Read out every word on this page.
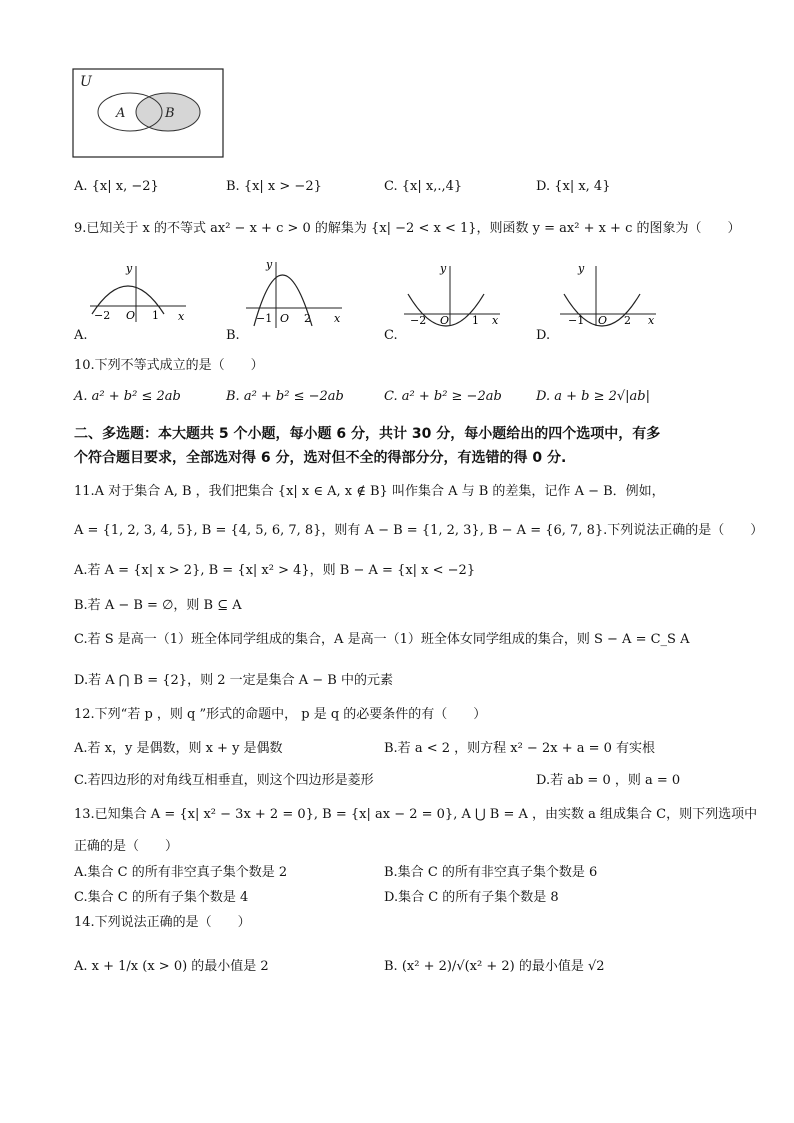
U
A	B
A. {x| x, −2}	B. {x| x > −2}	C. {x| x,.,4}	D. {x| x, 4}
9.已知关于 x 的不等式 ax² − x + c > 0 的解集为 {x| −2 < x < 1}，则函数 y = ax² + x + c 的图象为（　　）
y
x
O
−2	1
A.
y
x
O
−1	2
B.
y
x
O
−2	1
C.
y
x
O
−1	2
D.
10.下列不等式成立的是（　　）
A. a² + b² ≤ 2ab	B. a² + b² ≤ −2ab	C. a² + b² ≥ −2ab	D. a + b ≥ 2√|ab|
二、多选题：本大题共 5 个小题，每小题 6 分，共计 30 分，每小题给出的四个选项中，有多
个符合题目要求，全部选对得 6 分，选对但不全的得部分分，有选错的得 0 分.
11.A 对于集合 A, B ，我们把集合 {x| x ∈ A, x ∉ B} 叫作集合 A 与 B 的差集，记作 A − B．例如，
A = {1, 2, 3, 4, 5}, B = {4, 5, 6, 7, 8}，则有 A − B = {1, 2, 3}, B − A = {6, 7, 8}.下列说法正确的是（　　）
A.若 A = {x| x > 2}, B = {x| x² > 4}，则 B − A = {x| x < −2}
B.若 A − B = ∅，则 B ⊆ A
C.若 S 是高一（1）班全体同学组成的集合，A 是高一（1）班全体女同学组成的集合，则 S − A = C_S A
D.若 A ⋂ B = {2}，则 2 一定是集合 A − B 中的元素
12.下列“若 p ，则 q ”形式的命题中， p 是 q 的必要条件的有（　　）
A.若 x，y 是偶数，则 x + y 是偶数	B.若 a < 2 ，则方程 x² − 2x + a = 0 有实根
C.若四边形的对角线互相垂直，则这个四边形是菱形	D.若 ab = 0 ，则 a = 0
13.已知集合 A = {x| x² − 3x + 2 = 0}, B = {x| ax − 2 = 0}, A ⋃ B = A ，由实数 a 组成集合 C，则下列选项中
正确的是（　　）
A.集合 C 的所有非空真子集个数是 2	B.集合 C 的所有非空真子集个数是 6
C.集合 C 的所有子集个数是 4	D.集合 C 的所有子集个数是 8
14.下列说法正确的是（　　）
A. x + 1/x (x > 0) 的最小值是 2	B. (x² + 2)/√(x² + 2) 的最小值是 √2
